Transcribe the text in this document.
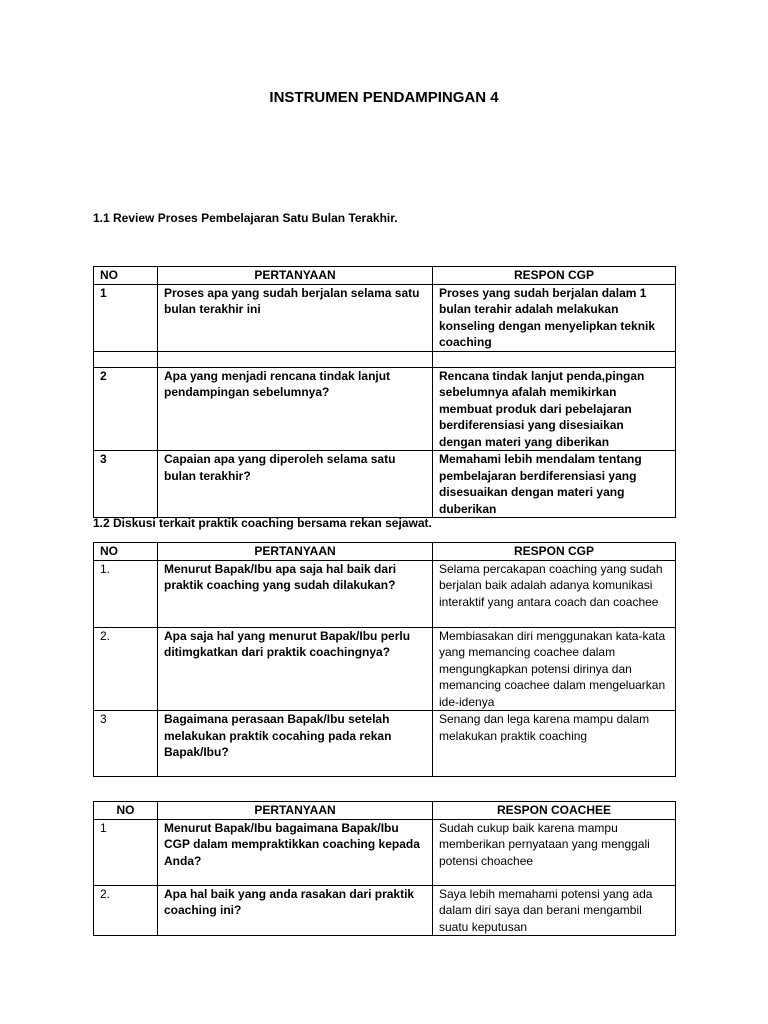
INSTRUMEN PENDAMPINGAN 4
1.1 Review Proses Pembelajaran Satu Bulan Terakhir.
NO	PERTANYAAN	RESPON CGP
1	Proses apa yang sudah berjalan selama satu bulan terakhir ini	Proses yang sudah berjalan dalam 1 bulan terahir adalah melakukan konseling dengan menyelipkan teknik coaching

2	Apa yang menjadi rencana tindak lanjut pendampingan sebelumnya?	Rencana tindak lanjut penda,pingan sebelumnya afalah memikirkan membuat produk dari pebelajaran berdiferensiasi yang disesiaikan dengan materi yang diberikan
3	Capaian apa yang diperoleh selama satu bulan terakhir?	Memahami lebih mendalam tentang pembelajaran berdiferensiasi yang disesuaikan dengan materi yang duberikan
1.2 Diskusi terkait praktik coaching bersama rekan sejawat.
NO	PERTANYAAN	RESPON CGP
1.	Menurut Bapak/Ibu apa saja hal baik dari praktik coaching yang sudah dilakukan?	Selama percakapan coaching yang sudah berjalan baik adalah adanya komunikasi interaktif yang antara coach dan coachee
2.	Apa saja hal yang menurut Bapak/Ibu perlu ditimgkatkan dari praktik coachingnya?	Membiasakan diri menggunakan kata-kata yang memancing coachee dalam mengungkapkan potensi dirinya dan memancing coachee dalam mengeluarkan ide-idenya
3	Bagaimana perasaan Bapak/Ibu setelah melakukan praktik cocahing pada rekan Bapak/Ibu?	Senang dan lega karena mampu dalam melakukan praktik coaching
NO	PERTANYAAN	RESPON COACHEE
1	Menurut Bapak/Ibu bagaimana Bapak/Ibu CGP dalam mempraktikkan coaching kepada Anda?	Sudah cukup baik karena mampu memberikan pernyataan yang menggali potensi choachee
2.	Apa hal baik yang anda rasakan dari praktik coaching ini?	Saya lebih memahami potensi yang ada dalam diri saya dan berani mengambil suatu keputusan
